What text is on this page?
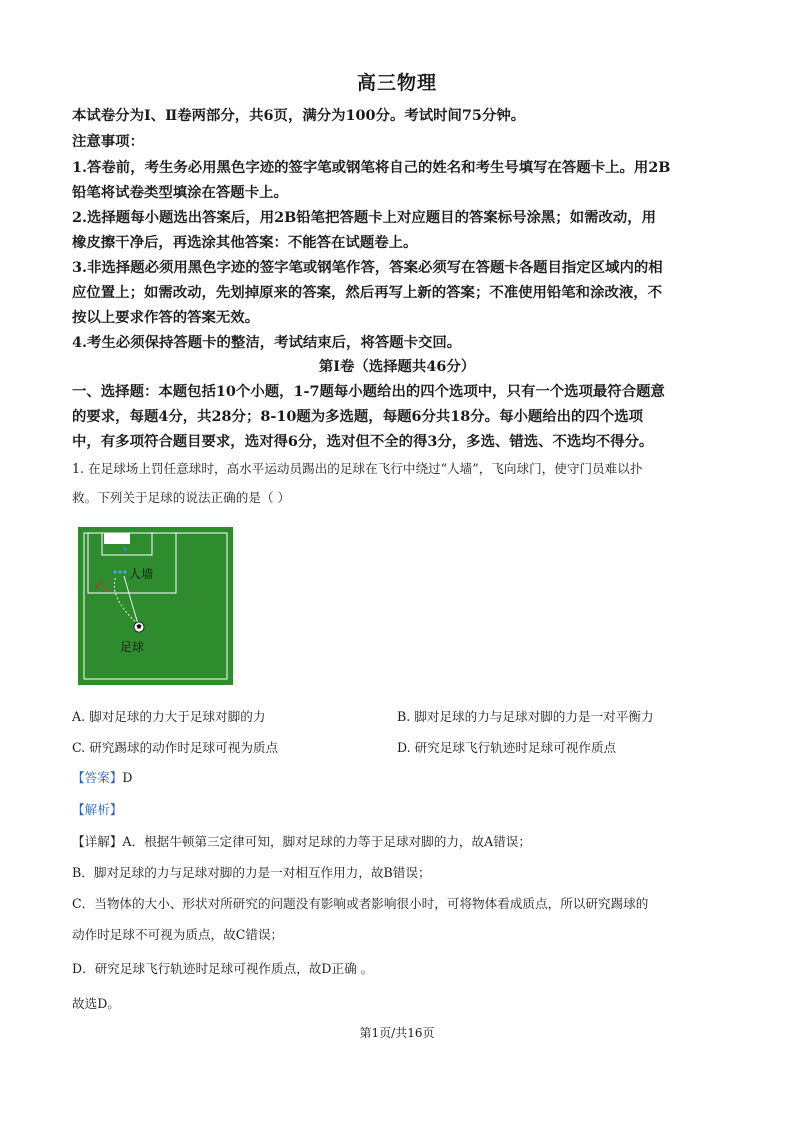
高三物理
本试卷分为Ⅰ、Ⅱ卷两部分，共6页，满分为100分。考试时间75分钟。
注意事项：
1.答卷前，考生务必用黑色字迹的签字笔或钢笔将自己的姓名和考生号填写在答题卡上。用2B
铅笔将试卷类型填涂在答题卡上。
2.选择题每小题选出答案后，用2B铅笔把答题卡上对应题目的答案标号涂黑；如需改动，用
橡皮擦干净后，再选涂其他答案：不能答在试题卷上。
3.非选择题必须用黑色字迹的签字笔或钢笔作答，答案必须写在答题卡各题目指定区域内的相
应位置上；如需改动，先划掉原来的答案，然后再写上新的答案；不准使用铅笔和涂改液，不
按以上要求作答的答案无效。
4.考生必须保持答题卡的整洁，考试结束后，将答题卡交回。
第Ⅰ卷（选择题共46分）
一、选择题：本题包括10个小题，1-7题每小题给出的四个选项中，只有一个选项最符合题意
的要求，每题4分，共28分；8-10题为多选题，每题6分共18分。每小题给出的四个选项
中，有多项符合题目要求，选对得6分，选对但不全的得3分，多选、错选、不选均不得分。
1. 在足球场上罚任意球时，高水平运动员踢出的足球在飞行中绕过“人墙”，飞向球门，使守门员难以扑
救。下列关于足球的说法正确的是（ ）
人墙
足球
A. 脚对足球的力大于足球对脚的力	B. 脚对足球的力与足球对脚的力是一对平衡力
C. 研究踢球的动作时足球可视为质点	D. 研究足球飞行轨迹时足球可视作质点
【答案】D
【解析】
【详解】A．根据牛顿第三定律可知，脚对足球的力等于足球对脚的力，故A错误；
B．脚对足球的力与足球对脚的力是一对相互作用力，故B错误；
C．当物体的大小、形状对所研究的问题没有影响或者影响很小时，可将物体看成质点，所以研究踢球的
动作时足球不可视为质点，故C错误；
D．研究足球飞行轨迹时足球可视作质点，故D正确 。
故选D。
第1页/共16页
